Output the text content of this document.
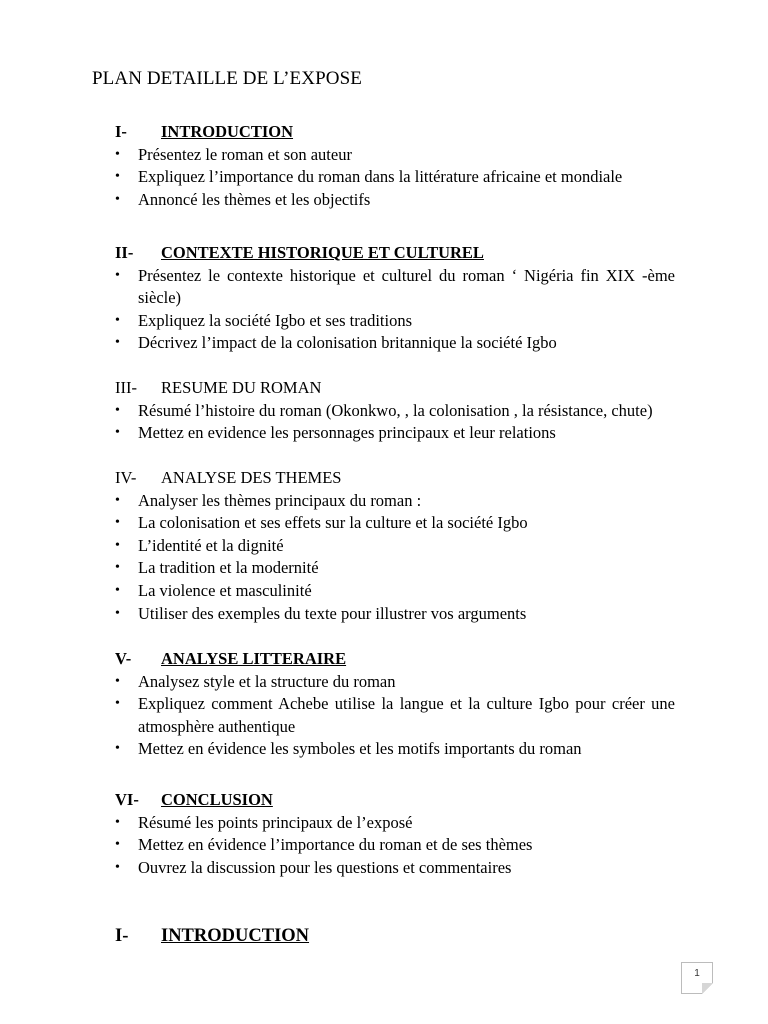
PLAN DETAILLE DE L’EXPOSE
I-	INTRODUCTION
• Présentez le roman et son auteur
• Expliquez l’importance du roman dans la littérature africaine et mondiale
• Annoncé les thèmes et les objectifs
II-	CONTEXTE HISTORIQUE ET CULTUREL
• Présentez le contexte historique et culturel du roman ‘ Nigéria fin XIX -ème siècle)
• Expliquez la société Igbo et ses traditions
• Décrivez l’impact de la colonisation britannique la société Igbo
III-	RESUME DU ROMAN
• Résumé l’histoire du roman (Okonkwo, , la colonisation , la résistance, chute)
• Mettez en evidence les personnages principaux et leur relations
IV-	ANALYSE DES THEMES
• Analyser les thèmes principaux du roman :
• La colonisation et ses effets sur la culture et la société Igbo
• L’identité et la dignité
• La tradition et la modernité
• La violence et masculinité
• Utiliser des exemples du texte pour illustrer vos arguments
V-	ANALYSE LITTERAIRE
• Analysez style et la structure du roman
• Expliquez comment Achebe utilise la langue et la culture Igbo pour créer une atmosphère authentique
• Mettez en évidence les symboles et les motifs importants du roman
VI-	CONCLUSION
• Résumé les points principaux de l’exposé
• Mettez en évidence l’importance du roman et de ses thèmes
• Ouvrez la discussion pour les questions et commentaires
I-	INTRODUCTION
1
